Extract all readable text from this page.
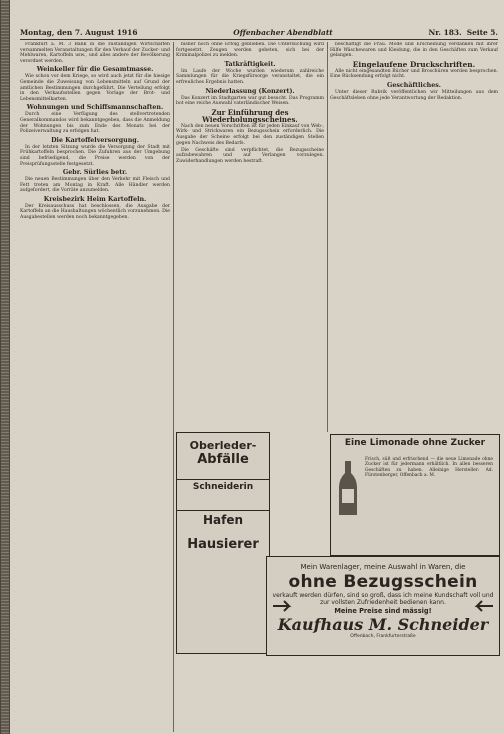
Montag, den 7. August 1916	Offenbacher Abendblatt	Nr. 183. Seite 5.

Frankfurt a. M. 3 Bank in die zuständigen Wirtschaften versammelten Veranstaltungen für den Verkauf der Zucker- und Mehlwaren, Kartoffeln usw., und alles andere der Bevölkerung verordnet werden.

Weinkeller für die Gesamtmasse.

Wie schon vor dem Kriege, so wird auch jetzt für die hiesige Gemeinde die Zuweisung von Lebensmitteln auf Grund der amtlichen Bestimmungen durchgeführt. Die Verteilung erfolgt in den Verkaufsstellen gegen Vorlage der Brot- und Lebensmittelkarten.

Wohnungen und Schiffsmannschaften.

Durch eine Verfügung des stellvertretenden Generalkommandos wird bekanntgegeben, dass die Anmeldung der Wohnungen bis zum Ende des Monats bei der Polizeiverwaltung zu erfolgen hat.

Die Kartoffelversorgung.

In der letzten Sitzung wurde die Versorgung der Stadt mit Frühkartoffeln besprochen. Die Zufuhren aus der Umgebung sind befriedigend, die Preise werden von der Preisprüfungsstelle festgesetzt.

Gebr. Sürlies betr.

Die neuen Bestimmungen über den Verkehr mit Fleisch und Fett treten am Montag in Kraft. Alle Händler werden aufgefordert, die Vorräte anzumelden.

Kreisbezirk Heim Kartoffeln.

Der Kreisausschuss hat beschlossen, die Ausgabe der Kartoffeln an die Haushaltungen wöchentlich vorzunehmen. Die Ausgabestellen werden noch bekanntgegeben.

bisher noch ohne Erfolg geblieben. Die Untersuchung wird fortgesetzt. Zeugen werden gebeten, sich bei der Kriminalpolizei zu melden.

Tatkräftigkeit.

Im Laufe der Woche wurden wiederum zahlreiche Sammlungen für die Kriegsfürsorge veranstaltet, die ein erfreuliches Ergebnis hatten.

Niederlassung (Konzert).

Das Konzert im Stadtgarten war gut besucht. Das Programm bot eine reiche Auswahl vaterländischer Weisen.

Zur Einführung des Wiederholungsscheines.

Nach den neuen Vorschriften ist für jeden Einkauf von Web-, Wirk- und Strickwaren ein Bezugsschein erforderlich. Die Ausgabe der Scheine erfolgt bei den zuständigen Stellen gegen Nachweis des Bedarfs.

Die Geschäfte sind verpflichtet, die Bezugsscheine aufzubewahren und auf Verlangen vorzulegen. Zuwiderhandlungen werden bestraft.

beschäftigt die Frau. Mode und Erscheinung verdanken mit ihrer Hilfe Wäschewaren und Kleidung, die in den Geschäften zum Verkauf gelangen.

Eingelaufene Druckschriften.

Alle nicht eingesandten Bücher und Broschüren werden besprochen. Eine Rücksendung erfolgt nicht.

Geschäftliches.

Unter dieser Rubrik veröffentlichen wir Mitteilungen aus dem Geschäftsleben ohne jede Verantwortung der Redaktion.

Eine Limonade ohne Zucker
Frisch, süß und erfrischend — die neue Limonade ohne Zucker ist für jedermann erhältlich. In allen besseren Geschäften zu haben. Alleinige Hersteller: Ad. Fürstenberger, Offenbach a. M.
Oberleder-
Abfälle
Schneiderin
Hafen
Hausierer
Mein Warenlager, meine Auswahl in Waren, die
ohne Bezugsschein
verkauft werden dürfen, sind so groß, dass ich meine Kundschaft voll und zur vollsten Zufriedenheit bedienen kann.
Meine Preise sind mässig!
Kaufhaus M. Schneider
Offenbach, Frankfurterstraße
